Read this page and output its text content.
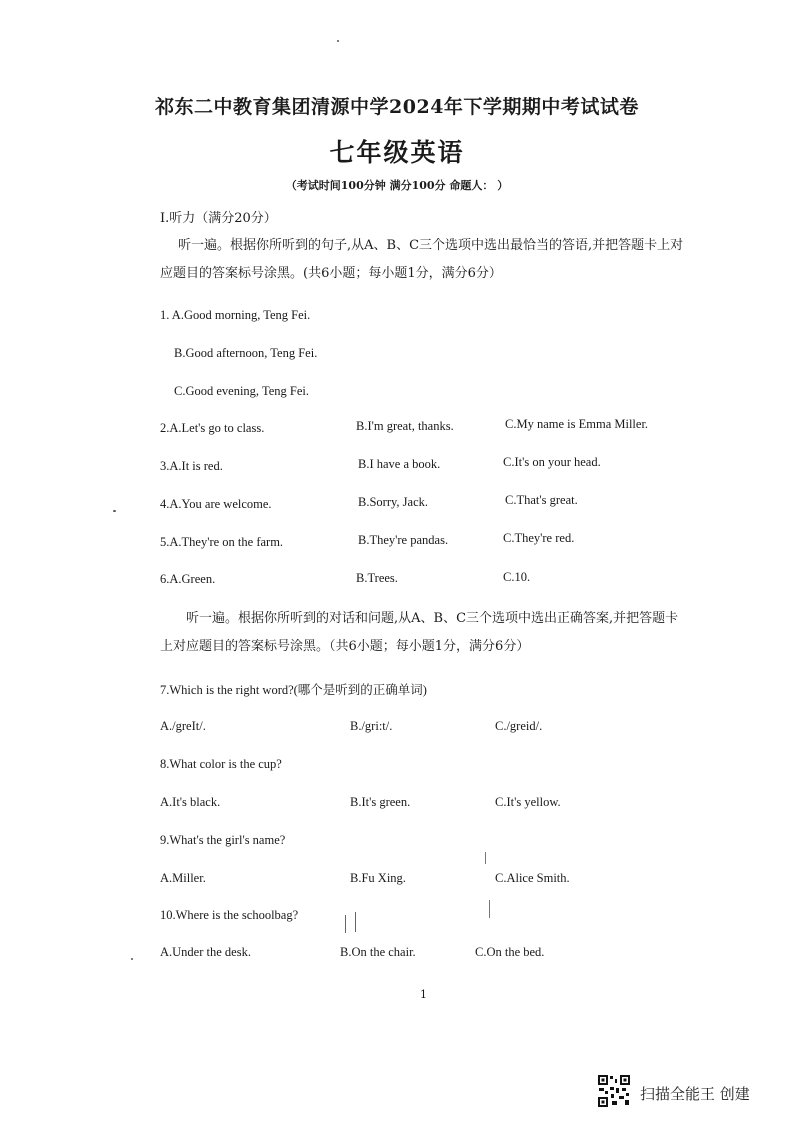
祁东二中教育集团清源中学2024年下学期期中考试试卷
七年级英语
（考试时间100分钟 满分100分 命题人： ）
Ⅰ.听力（满分20分）
听一遍。根据你所听到的句子,从A、B、C三个选项中选出最恰当的答语,并把答题卡上对应题目的答案标号涂黑。(共6小题；每小题1分，满分6分）
1. A.Good morning, Teng Fei.
B.Good afternoon, Teng Fei.
C.Good evening, Teng Fei.
2.A.Let's go to class.	B.I'm great, thanks.	C.My name is Emma Miller.
3.A.It is red.	B.I have a book.	C.It's on your head.
4.A.You are welcome.	B.Sorry, Jack.	C.That's great.
5.A.They're on the farm.	B.They're pandas.	C.They're red.
6.A.Green.	B.Trees.	C.10.
听一遍。根据你所听到的对话和问题,从A、B、C三个选项中选出正确答案,并把答题卡上对应题目的答案标号涂黑。（共6小题；每小题1分，满分6分）
7.Which is the right word?(哪个是听到的正确单词)
A./greIt/.	B./gri:t/.	C./greid/.
8.What color is the cup?
A.It's black.	B.It's green.	C.It's yellow.
9.What's the girl's name?
A.Miller.	B.Fu Xing.	C.Alice Smith.
10.Where is the schoolbag?
A.Under the desk.	B.On the chair.	C.On the bed.
1
扫描全能王 创建
